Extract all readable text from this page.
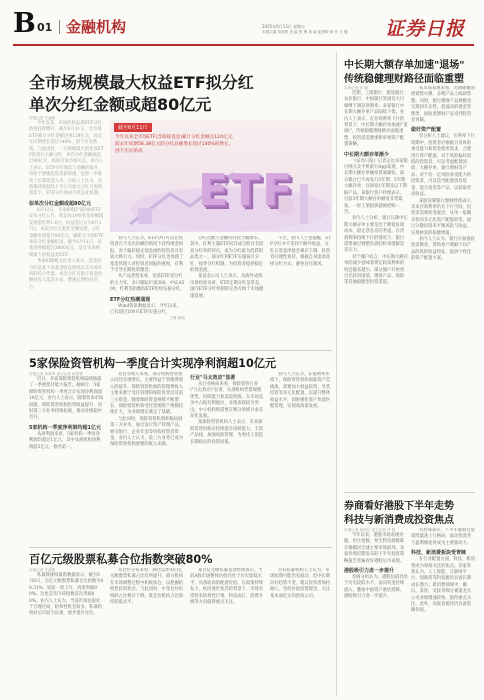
B 01 金融机构	2025年6月13日 星期五
本版主编 刘茉影 责 编 张 博 美 编 崔建岐 制 作 王 敬 证券日报
全市场规模最大权益ETF拟分红
单次分红金额或超80亿元
截至6月11日
今年以来全市场ETF(含联接基金)累计分红金额达124亿元，
较去年同期58.38亿元的分红总额增长超过140%的增长。
创下历史新高
ETF
本报记者 方凌晨

今年以来，市场的权益类ETF分红热度持续攀升，截至6月11日，全市场ETF累计分红金额达到124亿元，较去年同期增长超过140%，创下历史新高。与此同时，一只规模最大的宽基ETF拟进行大额分红，单次分红金额或超过80亿元，再度引发市场关注。业内人士表示，ETF分红频次与金额的提升，有助于增强投资者获得感，也进一步推动了长期资金入市。分析人士认为，在政策持续鼓励上市公司加大分红力度的背景下，ETF分红将成为常态化机制。

拟单次分红金额或超80亿元

6月12日，华泰柏瑞沪深300ETF发布分红公告，拟以每10份基金份额派发现金红利1.6元，权益登记日为6月17日，本次分红方案若全额实施，分红金额有望超过80亿元，刷新全市场ETF单次分红金额纪录。截至6月11日，该基金规模超过3800亿元，是全市场规模最大的权益类ETF。

华泰柏瑞相关负责人表示，基金的分红是基于对基金收益情况以及市场环境的综合考量。本次分红有助于基金份额持有人落袋为安，增强长期持有信心。

业内人士认为，ETF分红可以让投资者在不卖出份额的情况下获得现金回报，对于偏好稳定现金流的投资者具有较大吸引力。同时，ETF分红也体现了基金管理人对投资者回报的重视，有利于引导长期投资理念。

从产品类型来看，宽基ETF是分红的主力军，多只跟踪沪深300、中证A500、红利等指数的ETF纷纷实施分红。

ETF分红热潮涌现

Wind资讯数据显示，今年以来，已有超过100只ETF实施分红，

王琳 制图

分红次数与金额均同比大幅增长。其中，红利主题ETF因其成分股具有较高分红率的特点，成为分红最为活跃的品类之一。部分红利ETF实施按月分红、按季分红机制，为投资者提供稳定的现金流。

某基金公司人士表示，从海外成熟市场经验来看，ETF定期分红是常态，国内ETF分红机制的完善有助于市场健康发展。

不过，业内人士也提醒，ETF分红并不等同于额外收益，分红后基金净值会相应下调，投资者应理性看待，根据自身需求选择分红方式，避免盲目跟风。

5家保险资管机构一季度合计实现净利润超10亿元
本报记者 冷翠华 见习记者 杨笑寒

近日，多家保险资管机构陆续披露了一季度偿付能力报告。据统计，5家保险资管机构一季度合计实现净利润超10亿元。业内人士表示，随着资本市场回暖，保险资管机构投资收益提升，同时第三方业务持续拓展，推动业绩稳中有升。

5家机构一季度净利润均超1亿元

从净利润来看，5家机构一季度净利润均超过1亿元，其中头部机构净利润超3亿元，排名第一。

从营业收入来看，部分机构营业收入同比实现增长，主要得益于管理费收入的提升。保险资管机构的管理费收入主要来源于受托管理的保险资金以及第三方资金。随着保险资金规模不断增长，保险资管机构受托管理资产规模持续扩大，为业绩增长奠定了基础。

与此同时，保险资管机构积极拓展第三方业务，通过发行资产管理产品，吸引银行、企业年金等机构投资者资金。业内人士认为，第三方业务已成为保险资管机构重要的收入来源。

行业"马太效应"显著

从行业格局来看，保险资管行业\"马太效应\"显著，头部机构凭借规模优势、投研能力和渠道资源，在市场竞争中占据有利地位，业绩表现较为突出。中小机构则需要在细分领域寻求差异化发展。

某保险资管机构人士表示，未来保险资管机构应持续提升投研能力，丰富产品线，加强风险管理，为委托人创造长期稳定的投资回报。

业内人士认为，在低利率环境下，保险资管机构面临资产荒挑战，需要加大权益投资、另类投资等多元化配置，以提升整体收益水平，同时强化资产负债匹配管理，实现高质量发展。

百亿元级股票私募合位指数突破80%
本报记者 方凌晨

私募排排网最新数据显示，截至6月6日，百亿元级股票私募仓位指数为80.31%，较前一周上升，再度突破80%。这也是年内该指数首次突破80%。业内人士认为，当前市场估值处于合理区间，结构性机会较多，私募机构对后市较为乐观，逐步提升仓位。

从仓位分布来看，满仓运作的百亿元级股票私募占比有所提升，部分机构在市场调整过程中积极加仓，以把握结构性投资机会。与此同时，中等仓位机构的占比相应下降，低仓位机构占比保持较低水平。

某百亿元级私募基金经理表示，当前A股市场整体估值仍处于历史较低水平，具备较高的配置价值。在政策持续发力、经济逐步复苏的背景下，市场有望迎来结构性行情，科技成长、消费升级等方向值得重点关注。

另有私募机构人士认为，市场短期可能仍有波动，但中长期向好趋势不变，建议投资者保持耐心，坚持价值投资理念，关注基本面扎实的优质公司。

中长期大额存单加速"退场"
传统稳健理财路径面临重塑
本报记者 张 颖

近期，工商银行、建设银行、农业银行、中国银行等国有大行相继下调存款利率，多家银行中长期大额存单产品陆续下架。业内人士表示，在存款利率下行的背景下，中长期大额存单加速\"退场\"，传统稳健理财路径面临重塑，投资者需要重新审视资产配置策略。

中长期大额存单渐少

《证券日报》记者走访多家银行网点及手机银行App发现，中长期大额存单额度普遍紧张，部分银行已不再发行3年期、5年期大额存单，仅保留1年期及以下期限产品。某银行客户经理表示，目前3年期大额存单额度非常紧张，一经上架很快就被抢购一空。

业内人士分析，银行压降中长期大额存单主要是出于降低负债成本、稳定净息差的考虑。在贷款利率持续下行的情况下，银行需要通过调整负债结构来缓解息差压力。

对于储户而言，中长期大额存单的减少意味着锁定较高利率的机会越来越少。部分储户开始将目光转向国债、理财产品、保险等其他稳健型投资渠道。

从市场表现来看，近期储蓄国债销售火爆，多期产品上线即售罄。同时，银行理财产品规模也呈现回升态势，低波动的现金管理类、固收类理财产品受到投资者青睐。

做好资产配置

有分析人士建议，在利率下行周期中，投资者应根据自身风险承受能力和资金使用需求，合理进行资产配置。对于风险偏好较低的投资者，可以考虑配置国债、大额存单、银行理财等产品；对于有一定风险承受能力的投资者，可以适当配置债券基金、混合基金等产品，以获取更高收益。

某股份制银行理财经理表示，未来存款利率仍有下行空间，投资者需要转变观念，从单一依赖存款向多元化资产配置转变，通过分散投资来平衡风险与收益，实现财富的稳健增值。

业内人士认为，银行应加强投资者教育，帮助客户理解不同产品的风险收益特征，提供个性化的资产配置方案。

券商看好港股下半年走势
科技与新消费成投资焦点
本报记者 周尚仔 见习记者 冷 煦

今年以来，港股市场表现亮眼，恒生指数、恒生科技指数累计涨幅居全球主要市场前列。多家券商近期发布的下半年投资策略报告普遍看好港股后市表现。

港股吸引力进一步提升

券商分析认为，港股估值仍处于历史较低水平，南向资金持续流入，叠加中国资产重估逻辑，港股吸引力进一步提升。

有券商表示，下半年港股有望延续震荡上行格局，流动性改善与盈利修复将成为主要驱动力。

科技、新消费板块受青睐

在行业配置方面，科技、新消费成为券商关注的焦点。多家券商认为，人工智能、互联网平台、创新药等科技板块具备长期成长潜力；新消费领域中，潮玩、茶饮、美妆等细分赛道龙头公司业绩增速较快，值得重点关注。此外，高股息板块仍具备防御价值。
